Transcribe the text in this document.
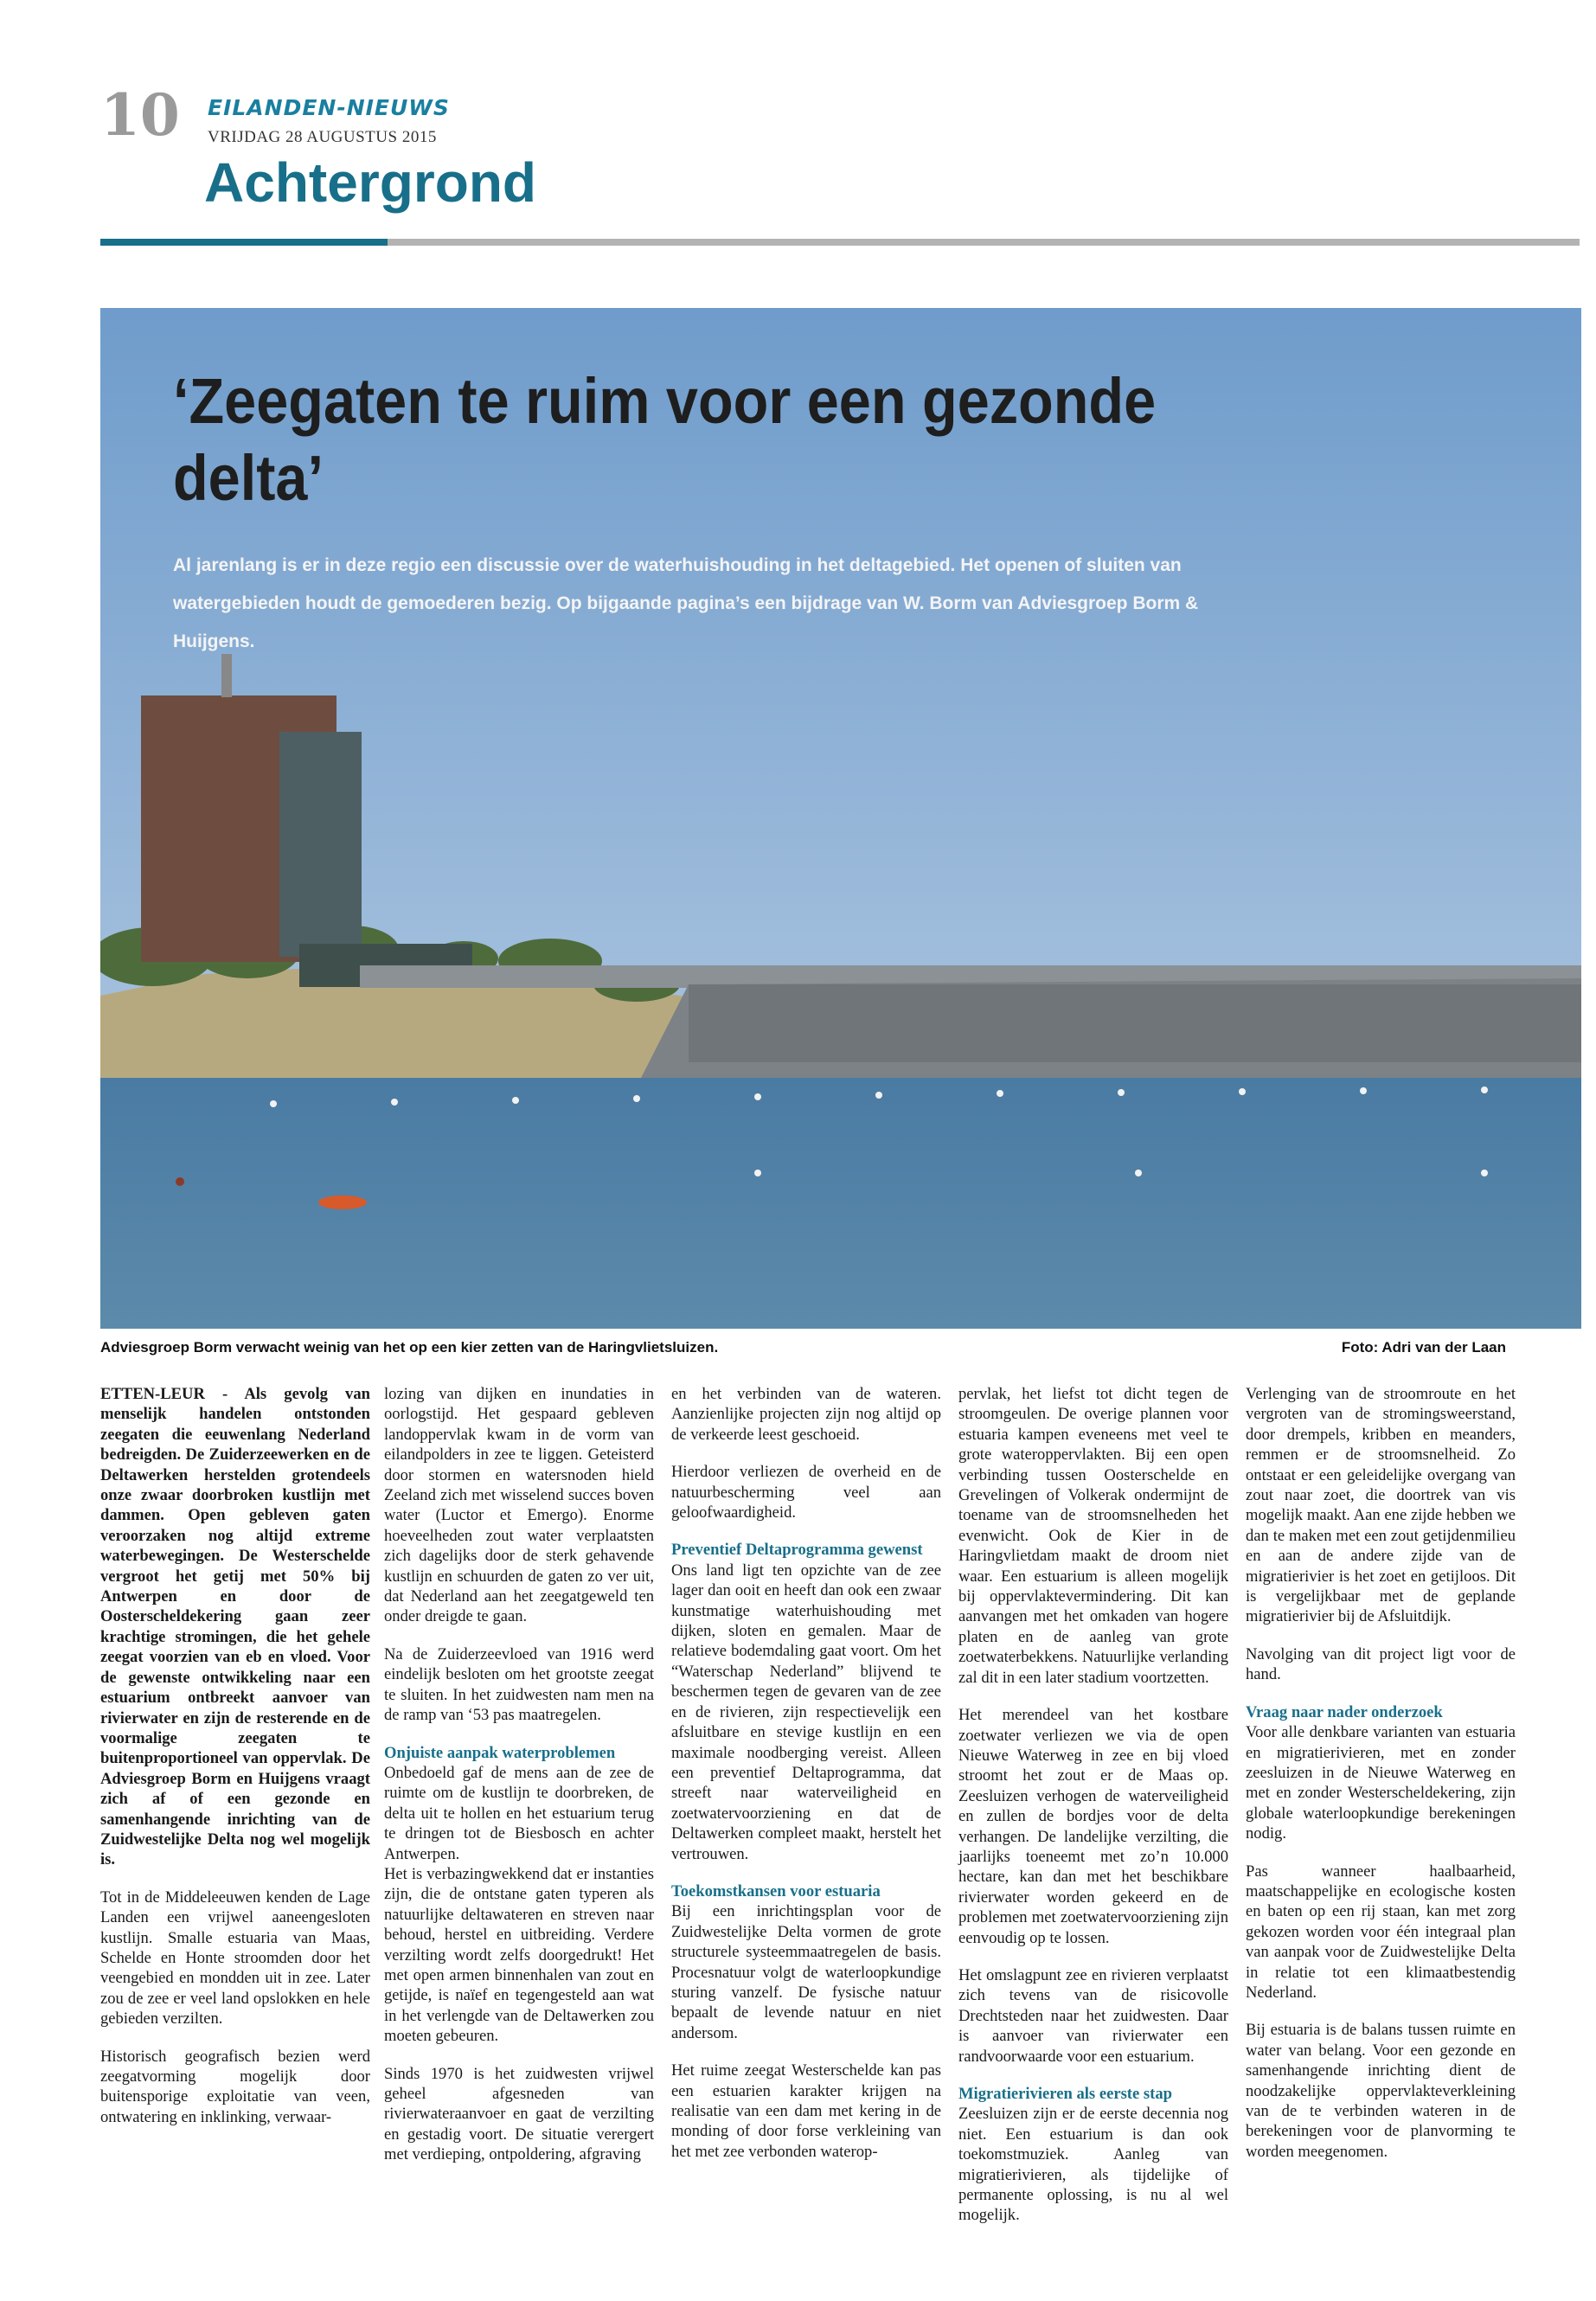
10 EILANDEN-NIEUWS
VRIJDAG 28 AUGUSTUS 2015
Achtergrond
‘Zeegaten te ruim voor een gezonde delta’
Al jarenlang is er in deze regio een discussie over de waterhuishouding in het deltagebied. Het openen of sluiten van watergebieden houdt de gemoederen bezig. Op bijgaande pagina’s een bijdrage van W. Borm van Adviesgroep Borm & Huijgens.
Adviesgroep Borm verwacht weinig van het op een kier zetten van de Haringvlietsluizen.	Foto: Adri van der Laan

ETTEN-LEUR - Als gevolg van menselijk handelen ontstonden zeegaten die eeuwenlang Nederland bedreigden. De Zuiderzeewerken en de Deltawerken herstelden grotendeels onze zwaar doorbroken kustlijn met dammen. Open gebleven gaten veroorzaken nog altijd extreme waterbewegingen. De Westerschelde vergroot het getij met 50% bij Antwerpen en door de Oosterscheldekering gaan zeer krachtige stromingen, die het gehele zeegat voorzien van eb en vloed. Voor de gewenste ontwikkeling naar een estuarium ontbreekt aanvoer van rivierwater en zijn de resterende en de voormalige zeegaten te buitenproportioneel van oppervlak. De Adviesgroep Borm en Huijgens vraagt zich af of een gezonde en samenhangende inrichting van de Zuidwestelijke Delta nog wel mogelijk is.

Tot in de Middeleeuwen kenden de Lage Landen een vrijwel aaneengesloten kustlijn. Smalle estuaria van Maas, Schelde en Honte stroomden door het veengebied en mondden uit in zee. Later zou de zee er veel land opslokken en hele gebieden verzilten.

Historisch geografisch bezien werd zeegatvorming mogelijk door buitensporige exploitatie van veen, ontwatering en inklinking, verwaar-

lozing van dijken en inundaties in oorlogstijd. Het gespaard gebleven landoppervlak kwam in de vorm van eilandpolders in zee te liggen. Geteisterd door stormen en watersnoden hield Zeeland zich met wisselend succes boven water (Luctor et Emergo). Enorme hoeveelheden zout water verplaatsten zich dagelijks door de sterk gehavende kustlijn en schuurden de gaten zo ver uit, dat Nederland aan het zeegatgeweld ten onder dreigde te gaan.

Na de Zuiderzeevloed van 1916 werd eindelijk besloten om het grootste zeegat te sluiten. In het zuidwesten nam men na de ramp van ‘53 pas maatregelen.

Onjuiste aanpak waterproblemen

Onbedoeld gaf de mens aan de zee de ruimte om de kustlijn te doorbreken, de delta uit te hollen en het estuarium terug te dringen tot de Biesbosch en achter Antwerpen.

Het is verbazingwekkend dat er instanties zijn, die de ontstane gaten typeren als natuurlijke deltawateren en streven naar behoud, herstel en uitbreiding. Verdere verzilting wordt zelfs doorgedrukt! Het met open armen binnenhalen van zout en getijde, is naïef en tegengesteld aan wat in het verlengde van de Deltawerken zou moeten gebeuren.

Sinds 1970 is het zuidwesten vrijwel geheel afgesneden van rivierwateraanvoer en gaat de verzilting en gestadig voort. De situatie verergert met verdieping, ontpoldering, afgraving

en het verbinden van de wateren. Aanzienlijke projecten zijn nog altijd op de verkeerde leest geschoeid.

Hierdoor verliezen de overheid en de natuurbescherming veel aan geloofwaardigheid.

Preventief Deltaprogramma gewenst

Ons land ligt ten opzichte van de zee lager dan ooit en heeft dan ook een zwaar kunstmatige waterhuishouding met dijken, sloten en gemalen. Maar de relatieve bodemdaling gaat voort. Om het “Waterschap Nederland” blijvend te beschermen tegen de gevaren van de zee en de rivieren, zijn respectievelijk een afsluitbare en stevige kustlijn en een maximale noodberging vereist. Alleen een preventief Deltaprogramma, dat streeft naar waterveiligheid en zoetwatervoorziening en dat de Deltawerken compleet maakt, herstelt het vertrouwen.

Toekomstkansen voor estuaria

Bij een inrichtingsplan voor de Zuidwestelijke Delta vormen de grote structurele systeemmaatregelen de basis. Procesnatuur volgt de waterloopkundige sturing vanzelf. De fysische natuur bepaalt de levende natuur en niet andersom.

Het ruime zeegat Westerschelde kan pas een estuarien karakter krijgen na realisatie van een dam met kering in de monding of door forse verkleining van het met zee verbonden waterop-

pervlak, het liefst tot dicht tegen de stroomgeulen. De overige plannen voor estuaria kampen eveneens met veel te grote wateroppervlakten. Bij een open verbinding tussen Oosterschelde en Grevelingen of Volkerak ondermijnt de toename van de stroomsnelheden het evenwicht. Ook de Kier in de Haringvlietdam maakt de droom niet waar. Een estuarium is alleen mogelijk bij oppervlaktevermindering. Dit kan aanvangen met het omkaden van hogere platen en de aanleg van grote zoetwaterbekkens. Natuurlijke verlanding zal dit in een later stadium voortzetten.

Het merendeel van het kostbare zoetwater verliezen we via de open Nieuwe Waterweg in zee en bij vloed stroomt het zout er de Maas op. Zeesluizen verhogen de waterveiligheid en zullen de bordjes voor de delta verhangen. De landelijke verzilting, die jaarlijks toeneemt met zo’n 10.000 hectare, kan dan met het beschikbare rivierwater worden gekeerd en de problemen met zoetwatervoorziening zijn eenvoudig op te lossen.

Het omslagpunt zee en rivieren verplaatst zich tevens van de risicovolle Drechtsteden naar het zuidwesten. Daar is aanvoer van rivierwater een randvoorwaarde voor een estuarium.

Migratierivieren als eerste stap

Zeesluizen zijn er de eerste decennia nog niet. Een estuarium is dan ook toekomstmuziek. Aanleg van migratierivieren, als tijdelijke of permanente oplossing, is nu al wel mogelijk.

Verlenging van de stroomroute en het vergroten van de stromingsweerstand, door drempels, kribben en meanders, remmen er de stroomsnelheid. Zo ontstaat er een geleidelijke overgang van zout naar zoet, die doortrek van vis mogelijk maakt. Aan ene zijde hebben we dan te maken met een zout getijdenmilieu en aan de andere zijde van de migratierivier is het zoet en getijloos. Dit is vergelijkbaar met de geplande migratierivier bij de Afsluitdijk.

Navolging van dit project ligt voor de hand.

Vraag naar nader onderzoek

Voor alle denkbare varianten van estuaria en migratierivieren, met en zonder zeesluizen in de Nieuwe Waterweg en met en zonder Westerscheldekering, zijn globale waterloopkundige berekeningen nodig.

Pas wanneer haalbaarheid, maatschappelijke en ecologische kosten en baten op een rij staan, kan met zorg gekozen worden voor één integraal plan van aanpak voor de Zuidwestelijke Delta in relatie tot een klimaatbestendig Nederland.

Bij estuaria is de balans tussen ruimte en water van belang. Voor een gezonde en samenhangende inrichting dient de noodzakelijke oppervlakteverkleining van de te verbinden wateren in de berekeningen voor de planvorming te worden meegenomen.
